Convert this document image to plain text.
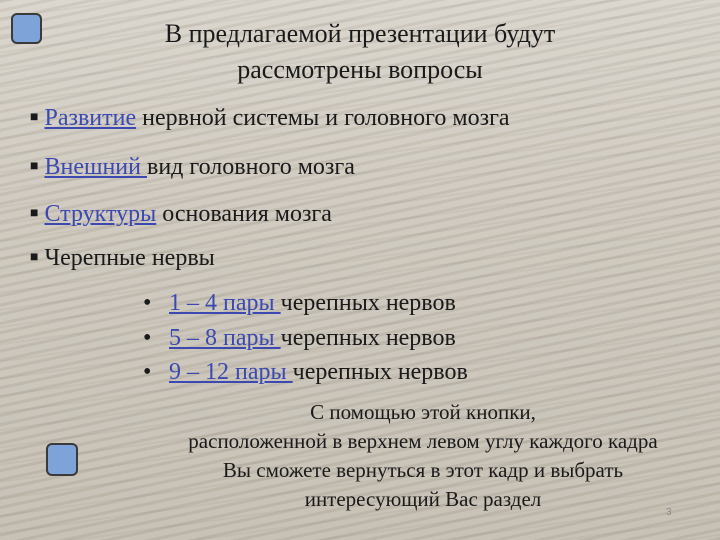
В предлагаемой презентации будут
рассмотрены вопросы
■ Развитие нервной системы и головного мозга
■ Внешний вид головного мозга
■ Структуры основания мозга
■ Черепные нервы
• 1 – 4 пары черепных нервов
• 5 – 8 пары черепных нервов
• 9 – 12 пары черепных нервов
С помощью этой кнопки,
расположенной в верхнем левом углу каждого кадра
Вы сможете вернуться в этот кадр и выбрать
интересующий Вас раздел
3
